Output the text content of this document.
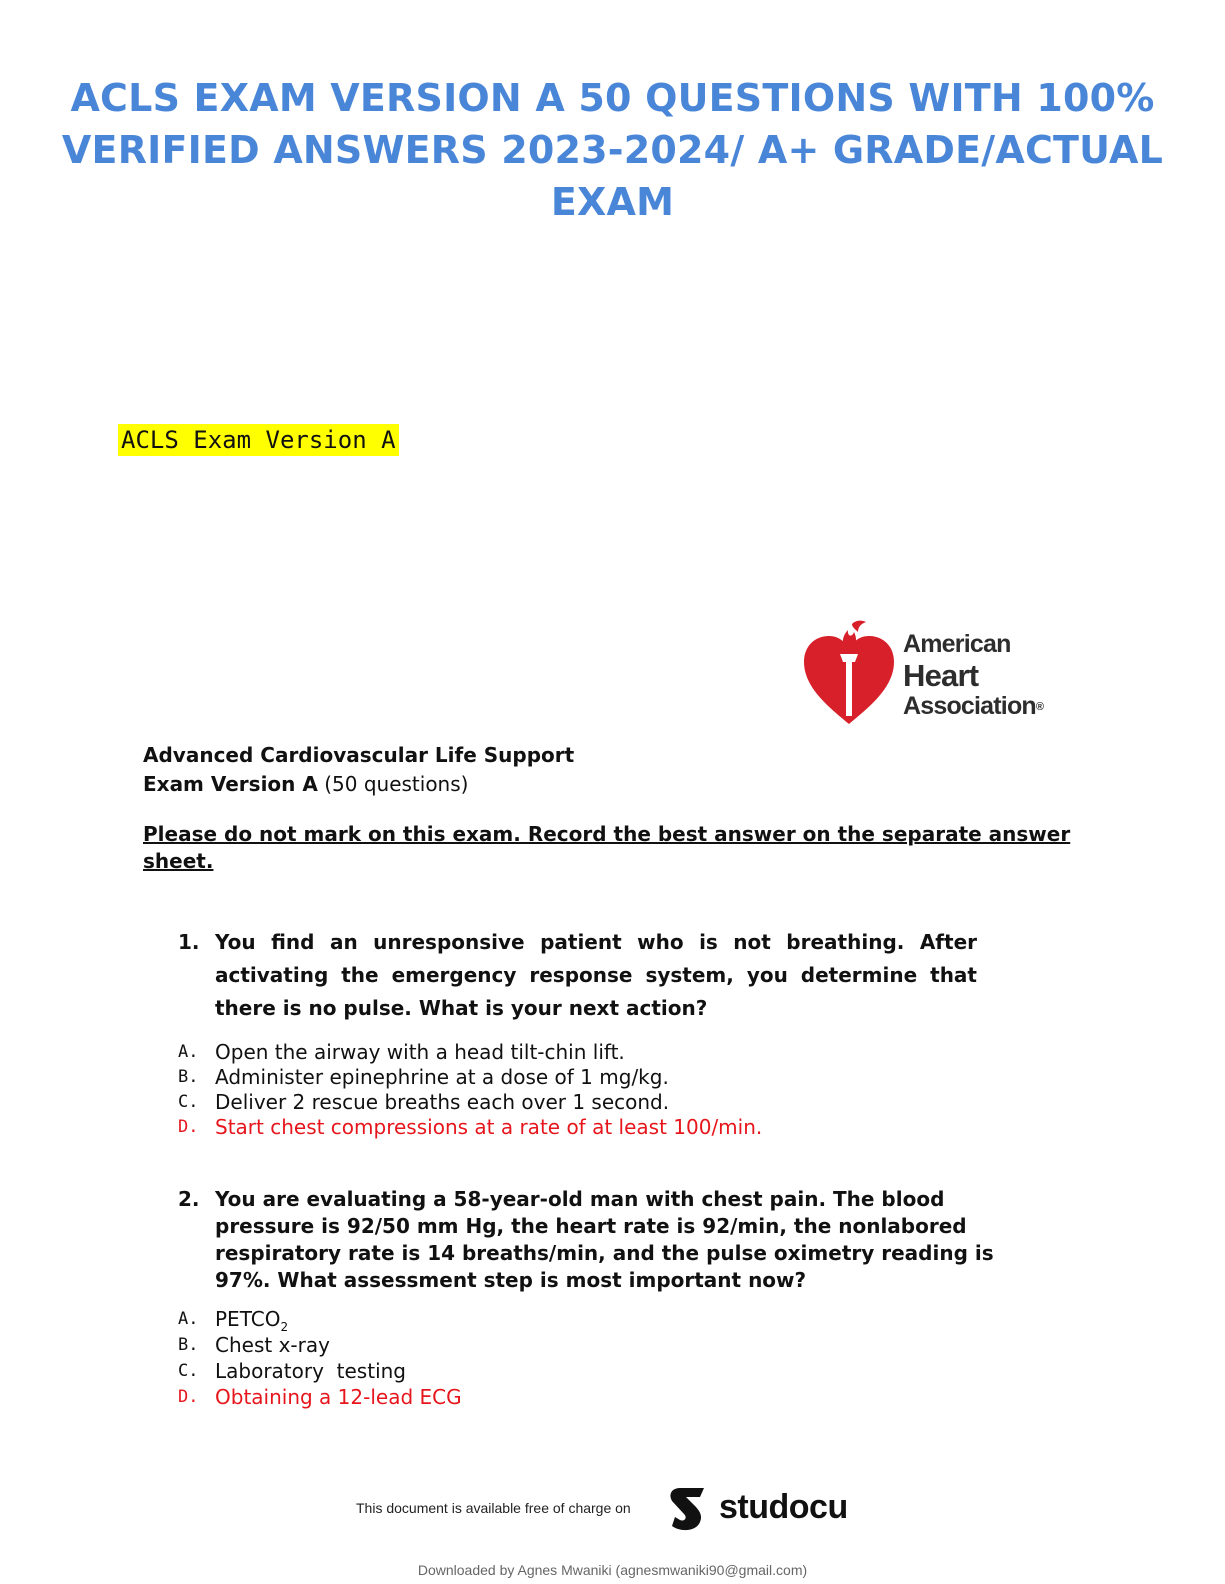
ACLS EXAM VERSION A 50 QUESTIONS WITH 100% VERIFIED ANSWERS 2023-2024/ A+ GRADE/ACTUAL EXAM
ACLS Exam Version A
American
Heart
Association®
Advanced Cardiovascular Life Support
Exam Version A (50 questions)
Please do not mark on this exam. Record the best answer on the separate answer sheet.
1. You find an unresponsive patient who is not breathing. After activating the emergency response system, you determine that there is no pulse. What is your next action?
A. Open the airway with a head tilt-chin lift.
B. Administer epinephrine at a dose of 1 mg/kg.
C. Deliver 2 rescue breaths each over 1 second.
D. Start chest compressions at a rate of at least 100/min.
2. You are evaluating a 58-year-old man with chest pain. The blood pressure is 92/50 mm Hg, the heart rate is 92/min, the nonlabored respiratory rate is 14 breaths/min, and the pulse oximetry reading is 97%. What assessment step is most important now?
A. $PETCO_2$
B. Chest x-ray
C. Laboratory  testing
D. Obtaining a 12-lead ECG
This document is available free of charge on	studocu
Downloaded by Agnes Mwaniki (agnesmwaniki90@gmail.com)
